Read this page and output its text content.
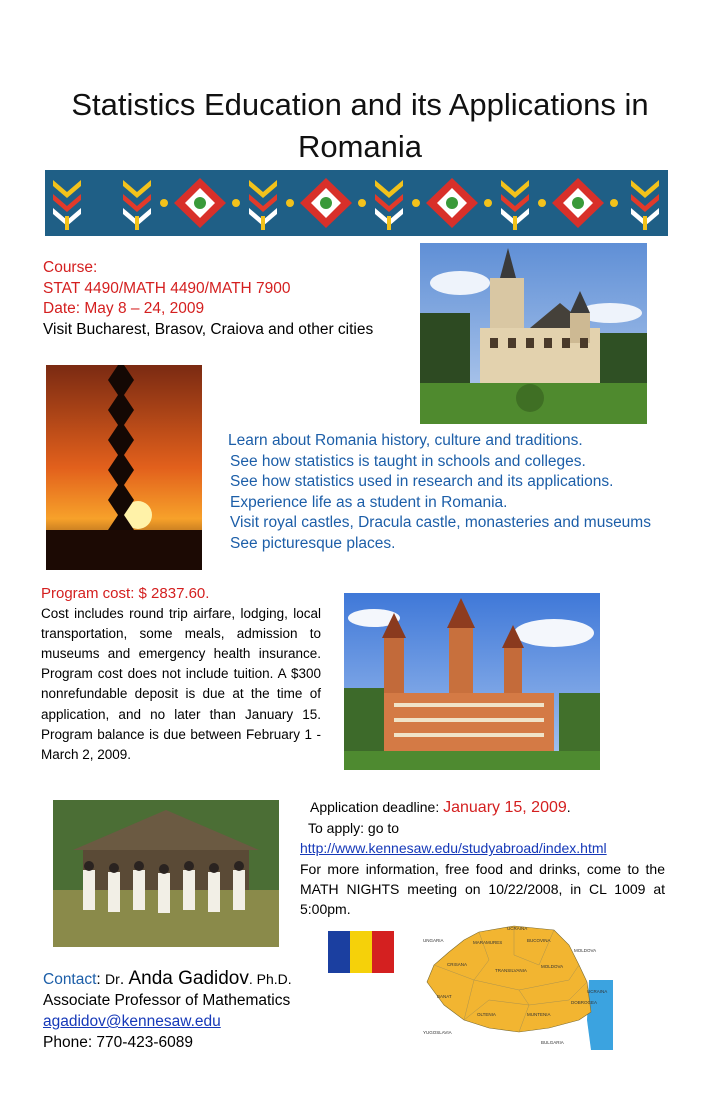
Statistics Education and its Applications in Romania
Course:
STAT 4490/MATH 4490/MATH 7900
Date: May 8 – 24, 2009
Visit Bucharest, Brasov, Craiova and other cities
Learn about Romania history, culture and traditions.
See how statistics is taught in schools and colleges.
See how statistics used in research and its applications.
Experience life as a student in Romania.
Visit royal castles, Dracula castle, monasteries and museums
See picturesque places.
Program cost: $ 2837.60.
Cost includes round trip airfare, lodging, local transportation, some meals, admission to museums and emergency health insurance. Program cost does not include tuition. A $300 nonrefundable deposit is due at the time of application, and no later than January 15. Program balance is due between February 1 - March 2, 2009.
Application deadline: January 15, 2009.
To apply: go to
http://www.kennesaw.edu/studyabroad/index.html
For more information, free food and drinks, come to the MATH NIGHTS meeting on 10/22/2008, in CL 1009 at 5:00pm.
UCRAINA
UNGARIA
MOLDOVA
UCRAINA
YUGOSLAVIA
BULGARIA
MARAMURES	BUCOVINA
CRISANA
TRANSILVANIA
MOLDOVA
BANAT
OLTENIA	MUNTENIA
DOBROGEA
Contact: Dr. Anda Gadidov. Ph.D.
Associate Professor of Mathematics
agadidov@kennesaw.edu
Phone: 770-423-6089
